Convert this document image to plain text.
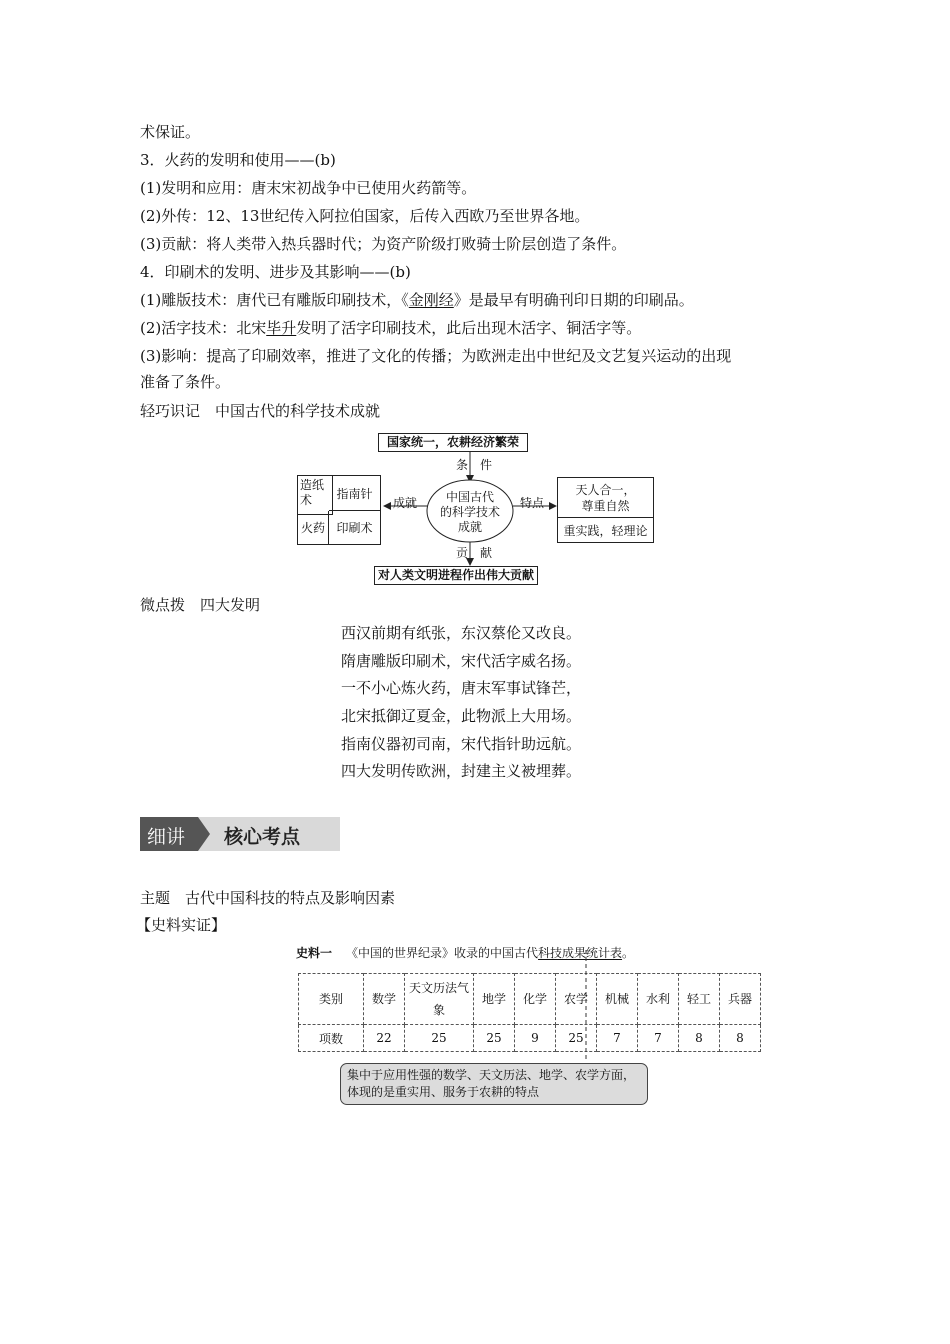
术保证。
3．火药的发明和使用——(b)
(1)发明和应用：唐末宋初战争中已使用火药箭等。
(2)外传：12、13世纪传入阿拉伯国家，后传入西欧乃至世界各地。
(3)贡献：将人类带入热兵器时代；为资产阶级打败骑士阶层创造了条件。
4．印刷术的发明、进步及其影响——(b)
(1)雕版技术：唐代已有雕版印刷技术，《金刚经》是最早有明确刊印日期的印刷品。
(2)活字技术：北宋毕升发明了活字印刷技术，此后出现木活字、铜活字等。
(3)影响：提高了印刷效率，推进了文化的传播；为欧洲走出中世纪及文艺复兴运动的出现
准备了条件。
轻巧识记　中国古代的科学技术成就
国家统一，农耕经济繁荣
条　件
中国古代
的科学技术
成就
成就	特点
造纸术	指南针
火药 印刷术
天人合一，尊重自然
重实践，轻理论
贡　献
对人类文明进程作出伟大贡献
微点拨　四大发明
西汉前期有纸张，东汉蔡伦又改良。
隋唐雕版印刷术，宋代活字威名扬。
一不小心炼火药，唐末军事试锋芒，
北宋抵御辽夏金，此物派上大用场。
指南仪器初司南，宋代指针助远航。
四大发明传欧洲，封建主义被埋葬。
细讲 核心考点
主题　古代中国科技的特点及影响因素
【史料实证】
史料一 《中国的世界纪录》收录的中国古代科技成果统计表。
类别	数学	天文历法气象	地学	化学	农学	机械	水利	轻工	兵器
项数	22	25	25	9	25	7	7	8	8
集中于应用性强的数学、天文历法、地学、农学方面，体现的是重实用、服务于农耕的特点
